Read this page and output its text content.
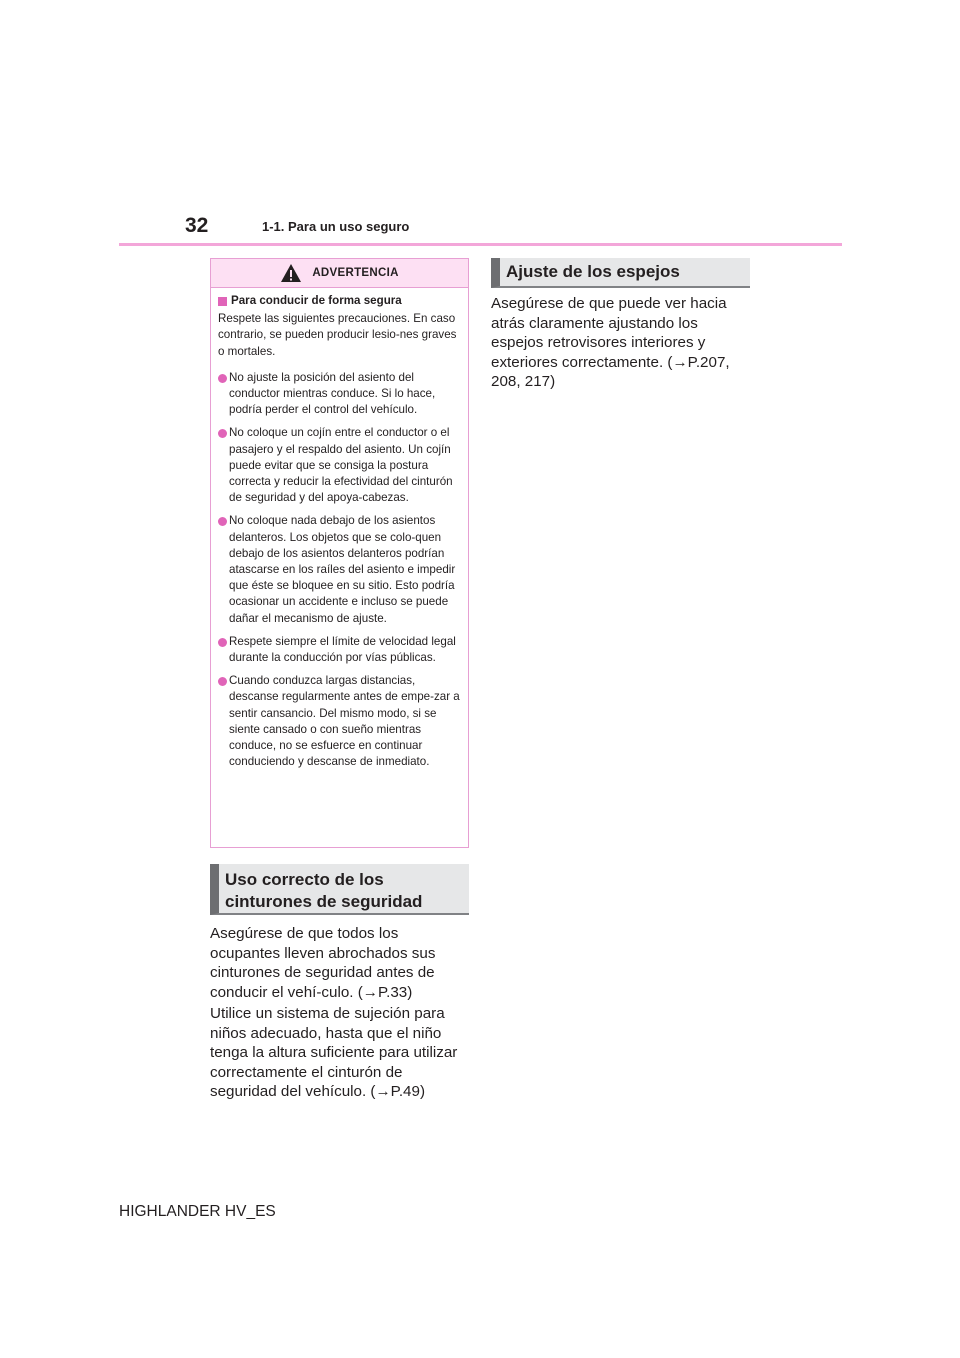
32	1-1. Para un uso seguro
ADVERTENCIA
Para conducir de forma segura
Respete las siguientes precauciones. En caso contrario, se pueden producir lesio-nes graves o mortales.
No ajuste la posición del asiento del conductor mientras conduce. Si lo hace, podría perder el control del vehículo.
No coloque un cojín entre el conductor o el pasajero y el respaldo del asiento. Un cojín puede evitar que se consiga la postura correcta y reducir la efectividad del cinturón de seguridad y del apoya-cabezas.
No coloque nada debajo de los asientos delanteros. Los objetos que se colo-quen debajo de los asientos delanteros podrían atascarse en los raíles del asiento e impedir que éste se bloquee en su sitio. Esto podría ocasionar un accidente e incluso se puede dañar el mecanismo de ajuste.
Respete siempre el límite de velocidad legal durante la conducción por vías públicas.
Cuando conduzca largas distancias, descanse regularmente antes de empe-zar a sentir cansancio. Del mismo modo, si se siente cansado o con sueño mientras conduce, no se esfuerce en continuar conduciendo y descanse de inmediato.
Uso correcto de los cinturones de seguridad
Asegúrese de que todos los ocupantes lleven abrochados sus cinturones de seguridad antes de conducir el vehí-culo. (→P.33)
Utilice un sistema de sujeción para niños adecuado, hasta que el niño tenga la altura suficiente para utilizar correctamente el cinturón de seguridad del vehículo. (→P.49)
Ajuste de los espejos
Asegúrese de que puede ver hacia atrás claramente ajustando los espejos retrovisores interiores y exteriores correctamente. (→P.207, 208, 217)
HIGHLANDER HV_ES
